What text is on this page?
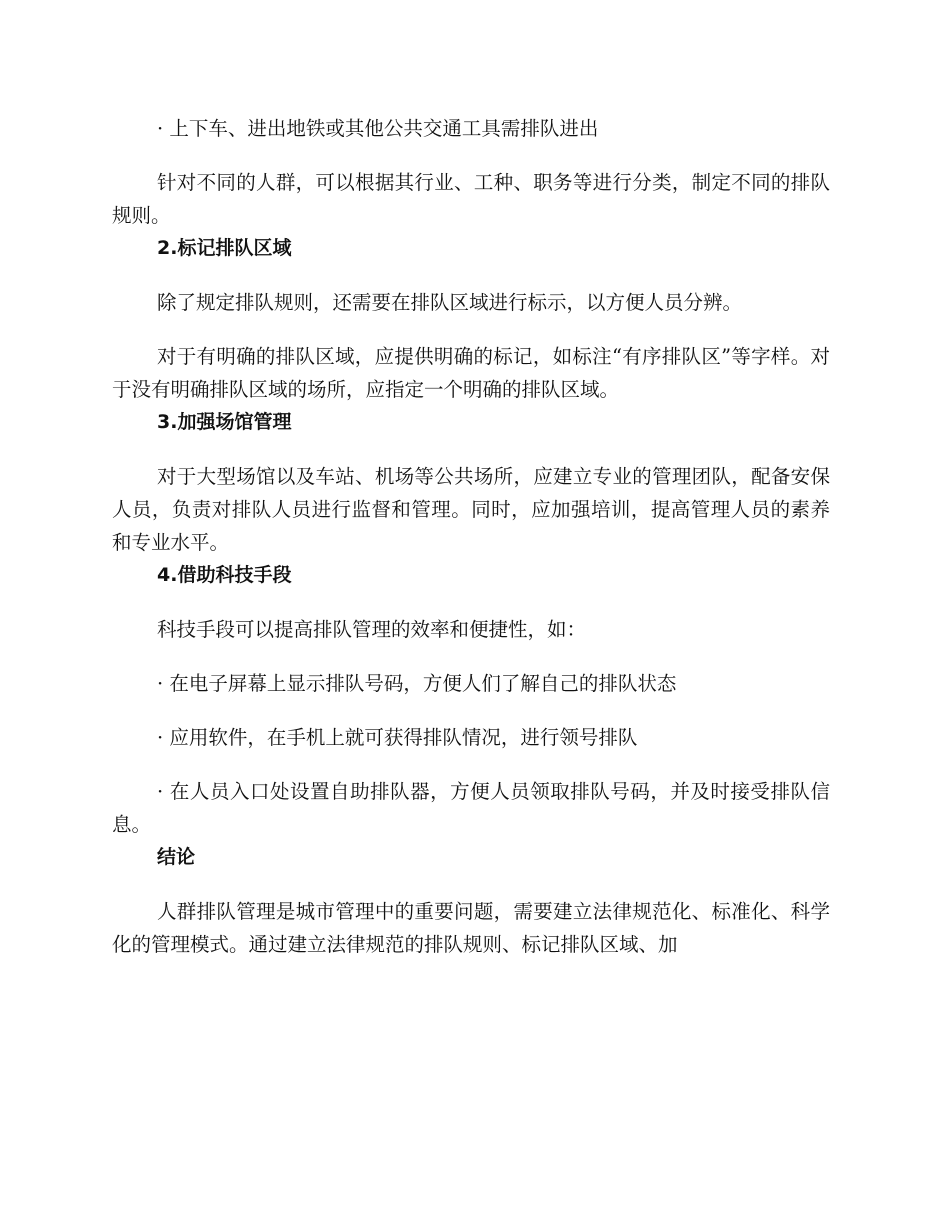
· 上下车、进出地铁或其他公共交通工具需排队进出

针对不同的人群，可以根据其行业、工种、职务等进行分类，制定不同的排队规则。

2.标记排队区域

除了规定排队规则，还需要在排队区域进行标示，以方便人员分辨。

对于有明确的排队区域，应提供明确的标记，如标注“有序排队区”等字样。对于没有明确排队区域的场所，应指定一个明确的排队区域。

3.加强场馆管理

对于大型场馆以及车站、机场等公共场所，应建立专业的管理团队，配备安保人员，负责对排队人员进行监督和管理。同时，应加强培训，提高管理人员的素养和专业水平。

4.借助科技手段

科技手段可以提高排队管理的效率和便捷性，如：

· 在电子屏幕上显示排队号码，方便人们了解自己的排队状态

· 应用软件，在手机上就可获得排队情况，进行领号排队

· 在人员入口处设置自助排队器，方便人员领取排队号码，并及时接受排队信息。

结论

人群排队管理是城市管理中的重要问题，需要建立法律规范化、标准化、科学化的管理模式。通过建立法律规范的排队规则、标记排队区域、加
